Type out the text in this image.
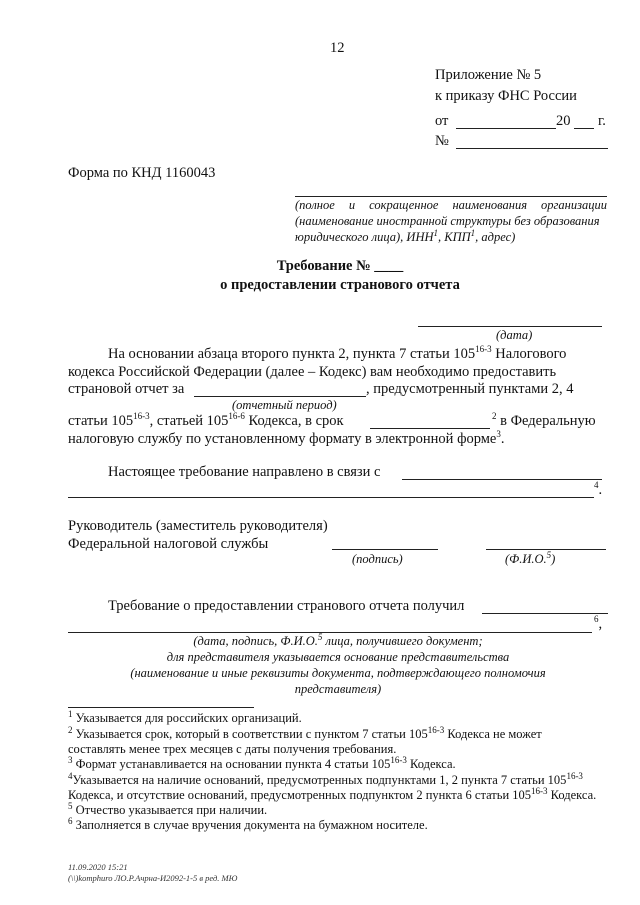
12
Приложение № 5
к приказу ФНС России
от	20 г.
№
Форма по КНД 1160043
(полное и сокращенное наименования организации
(наименование иностранной структуры без образования
юридического лица), ИНН$^1$, КПП$^1$, адрес)
Требование № ____
о предоставлении странового отчета
(дата)
На основании абзаца второго пункта 2, пункта 7 статьи 105$^{16-3}$ Налогового
кодекса Российской Федерации (далее – Кодекс) вам необходимо предоставить
страновой отчет за	, предусмотренный пунктами 2, 4
(отчетный период)
статьи 105$^{16-3}$, статьей 105$^{16-6}$ Кодекса, в срок	$^2$ в Федеральную
налоговую службу по установленному формату в электронной форме$^3$.
Настоящее требование направлено в связи с
$^4$.
Руководитель (заместитель руководителя)
Федеральной налоговой службы
(подпись)	(Ф.И.О.$^5$)
Требование о предоставлении странового отчета получил
$^6$,
(дата, подпись, Ф.И.О.$^5$ лица, получившего документ;
для представителя указывается основание представительства
(наименование и иные реквизиты документа, подтверждающего полномочия
представителя)
$^1$ Указывается для российских организаций.
$^2$ Указывается срок, который в соответствии с пунктом 7 статьи 105$^{16-3}$ Кодекса не может
составлять менее трех месяцев с даты получения требования.
$^3$ Формат устанавливается на основании пункта 4 статьи 105$^{16-3}$ Кодекса.
$^4$Указывается на наличие оснований, предусмотренных подпунктами 1, 2 пункта 7 статьи 105$^{16-3}$
Кодекса, и отсутствие оснований, предусмотренных подпунктом 2 пункта 6 статьи 105$^{16-3}$ Кодекса.
$^5$ Отчество указывается при наличии.
$^6$ Заполняется в случае вручения документа на бумажном носителе.
11.09.2020 15:21
(\\)komphuro ЛО.Р.Ачрна-И2092-1-5 в ред. МЮ
